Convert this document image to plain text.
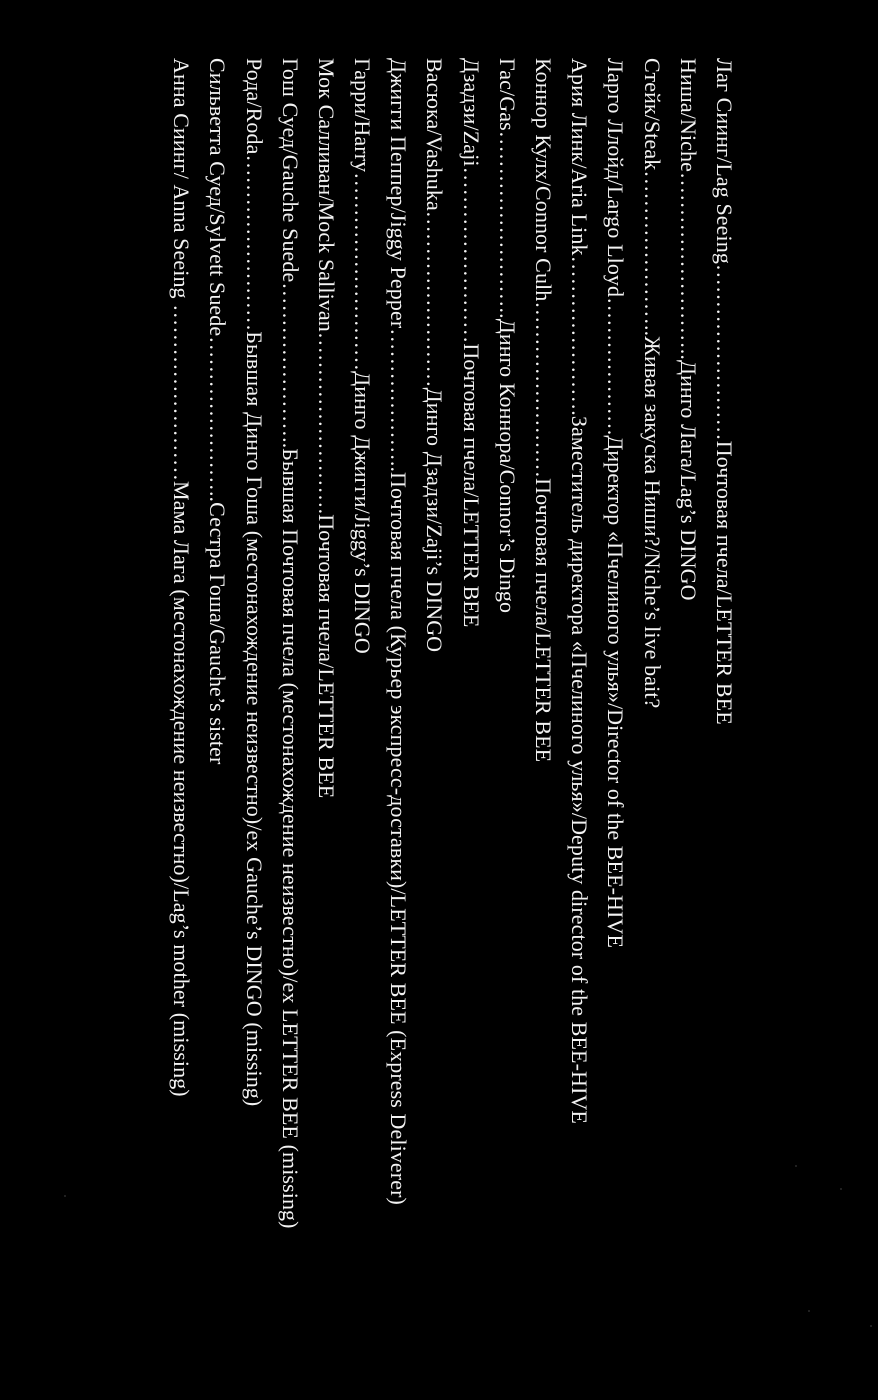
Лаг Сиинг/Lag Seeing……………………Почтовая пчела/LETTER BEE
Ниша/Niche……………………..Динго Лага/Lag’s DINGO
Стейк/Steak…………………..Живая закуска Ниши?/Niche’s live bait?
Ларго Ллойд/Largo Lloyd……………….Директор «Пчелиного улья»/Director of the BEE-HIVE
Ария Линк/Aria Link………………….Заместитель директора «Пчелиного улья»/Deputy director of the BEE-HIVE
Коннор Кулх/Connor Culh……………………Почтовая пчела/LETTER BEE
Гас/Gas……………………..Динго Коннора/Connor’s Dingo
Дзадзи/Zaji……………………Почтовая пчела/LETTER BEE
Васюка/Vashuka……………………Динго Дзадзи/Zaji’s DINGO
Джигги Пеппер/Jiggy Pepper………………..Почтовая пчела (Курьер экспресс-доставки)/LETTER BEE (Express Deliverer)
Гарри/Harry………………………Динго Джигги/Jiggy’s DINGO
Мок Салливан/Mock Sallivan…………………….Почтовая пчела/LETTER BEE
Гош Суед/Gauche Suede…………………..Бывшая Почтовая пчела (местонахождение неизвестно)/ex LETTER BEE (missing)
Рода/Roda……………………Бывшая Динго Гоша (местонахождение неизвестно)/ex Gauche’s DINGO (missing)
Сильветта Суед/Sylvett Suede…………………..Сестра Гоша/Gauche’s sister
Анна Сиинг/ Anna Seeing ……………………Мама Лага (местонахождение неизвестно)/Lag’s mother (missing)
